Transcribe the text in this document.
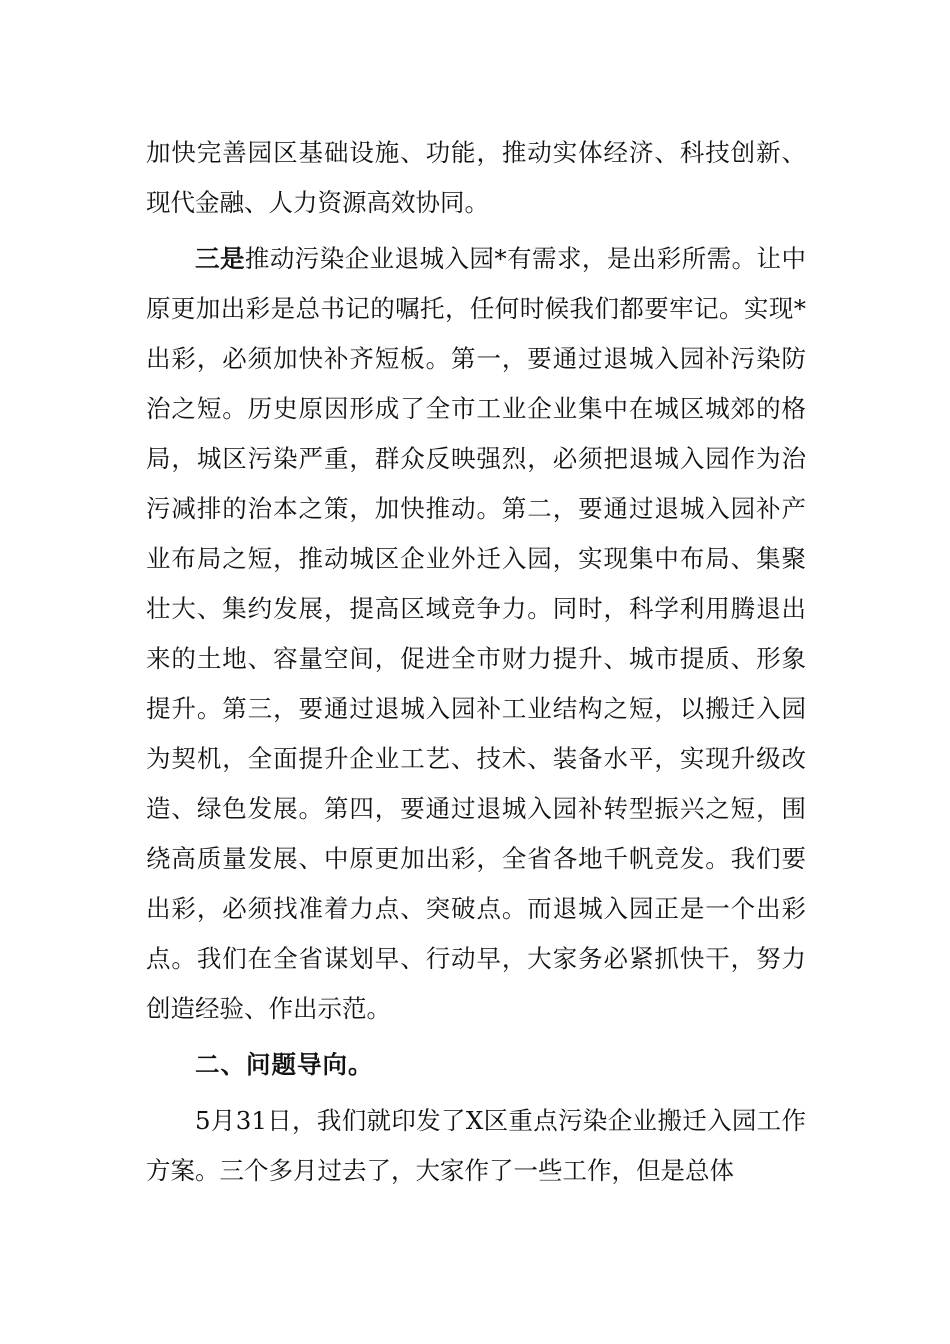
加快完善园区基础设施、功能，推动实体经济、科技创新、现代金融、人力资源高效协同。

三是推动污染企业退城入园*有需求，是出彩所需。让中原更加出彩是总书记的嘱托，任何时候我们都要牢记。实现*出彩，必须加快补齐短板。第一，要通过退城入园补污染防治之短。历史原因形成了全市工业企业集中在城区城郊的格局，城区污染严重，群众反映强烈，必须把退城入园作为治污减排的治本之策，加快推动。第二，要通过退城入园补产业布局之短，推动城区企业外迁入园，实现集中布局、集聚壮大、集约发展，提高区域竞争力。同时，科学利用腾退出来的土地、容量空间，促进全市财力提升、城市提质、形象提升。第三，要通过退城入园补工业结构之短，以搬迁入园为契机，全面提升企业工艺、技术、装备水平，实现升级改造、绿色发展。第四，要通过退城入园补转型振兴之短，围绕高质量发展、中原更加出彩，全省各地千帆竞发。我们要出彩，必须找准着力点、突破点。而退城入园正是一个出彩点。我们在全省谋划早、行动早，大家务必紧抓快干，努力创造经验、作出示范。

二、问题导向。

5月31日，我们就印发了X区重点污染企业搬迁入园工作方案。三个多月过去了，大家作了一些工作，但是总体
